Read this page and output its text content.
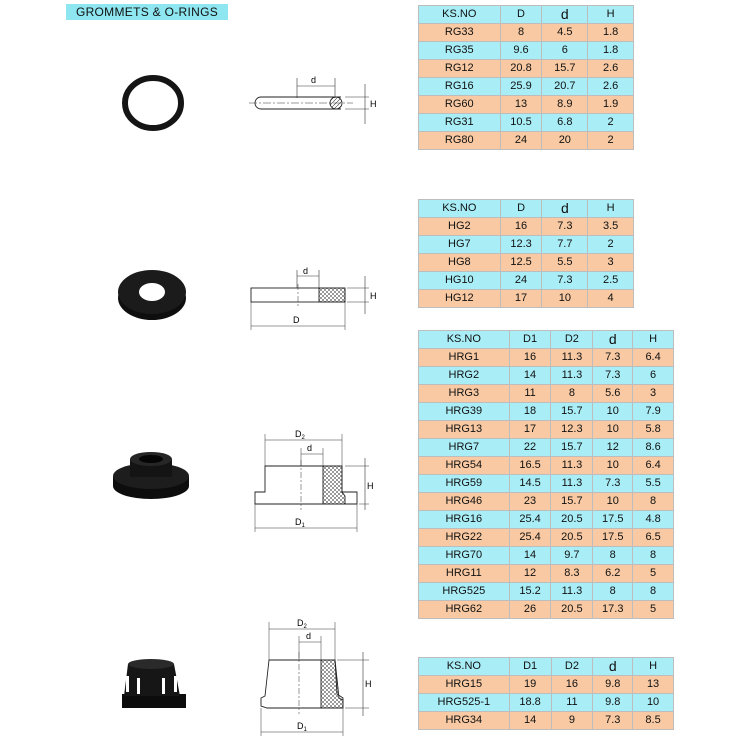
GROMMETS & O-RINGS
d
H
d
H
D
$D_2$
d
H
$D_1$
$D_2$
d
H
$D_1$
KS.NO	D	d	H
RG33	8	4.5	1.8
RG35	9.6	6	1.8
RG12	20.8	15.7	2.6
RG16	25.9	20.7	2.6
RG60	13	8.9	1.9
RG31	10.5	6.8	2
RG80	24	20	2
KS.NO	D	d	H
HG2	16	7.3	3.5
HG7	12.3	7.7	2
HG8	12.5	5.5	3
HG10	24	7.3	2.5
HG12	17	10	4
KS.NO	D1	D2	d	H
HRG1	16	11.3	7.3	6.4
HRG2	14	11.3	7.3	6
HRG3	11	8	5.6	3
HRG39	18	15.7	10	7.9
HRG13	17	12.3	10	5.8
HRG7	22	15.7	12	8.6
HRG54	16.5	11.3	10	6.4
HRG59	14.5	11.3	7.3	5.5
HRG46	23	15.7	10	8
HRG16	25.4	20.5	17.5	4.8
HRG22	25.4	20.5	17.5	6.5
HRG70	14	9.7	8	8
HRG11	12	8.3	6.2	5
HRG525	15.2	11.3	8	8
HRG62	26	20.5	17.3	5
KS.NO	D1	D2	d	H
HRG15	19	16	9.8	13
HRG525-1	18.8	11	9.8	10
HRG34	14	9	7.3	8.5
